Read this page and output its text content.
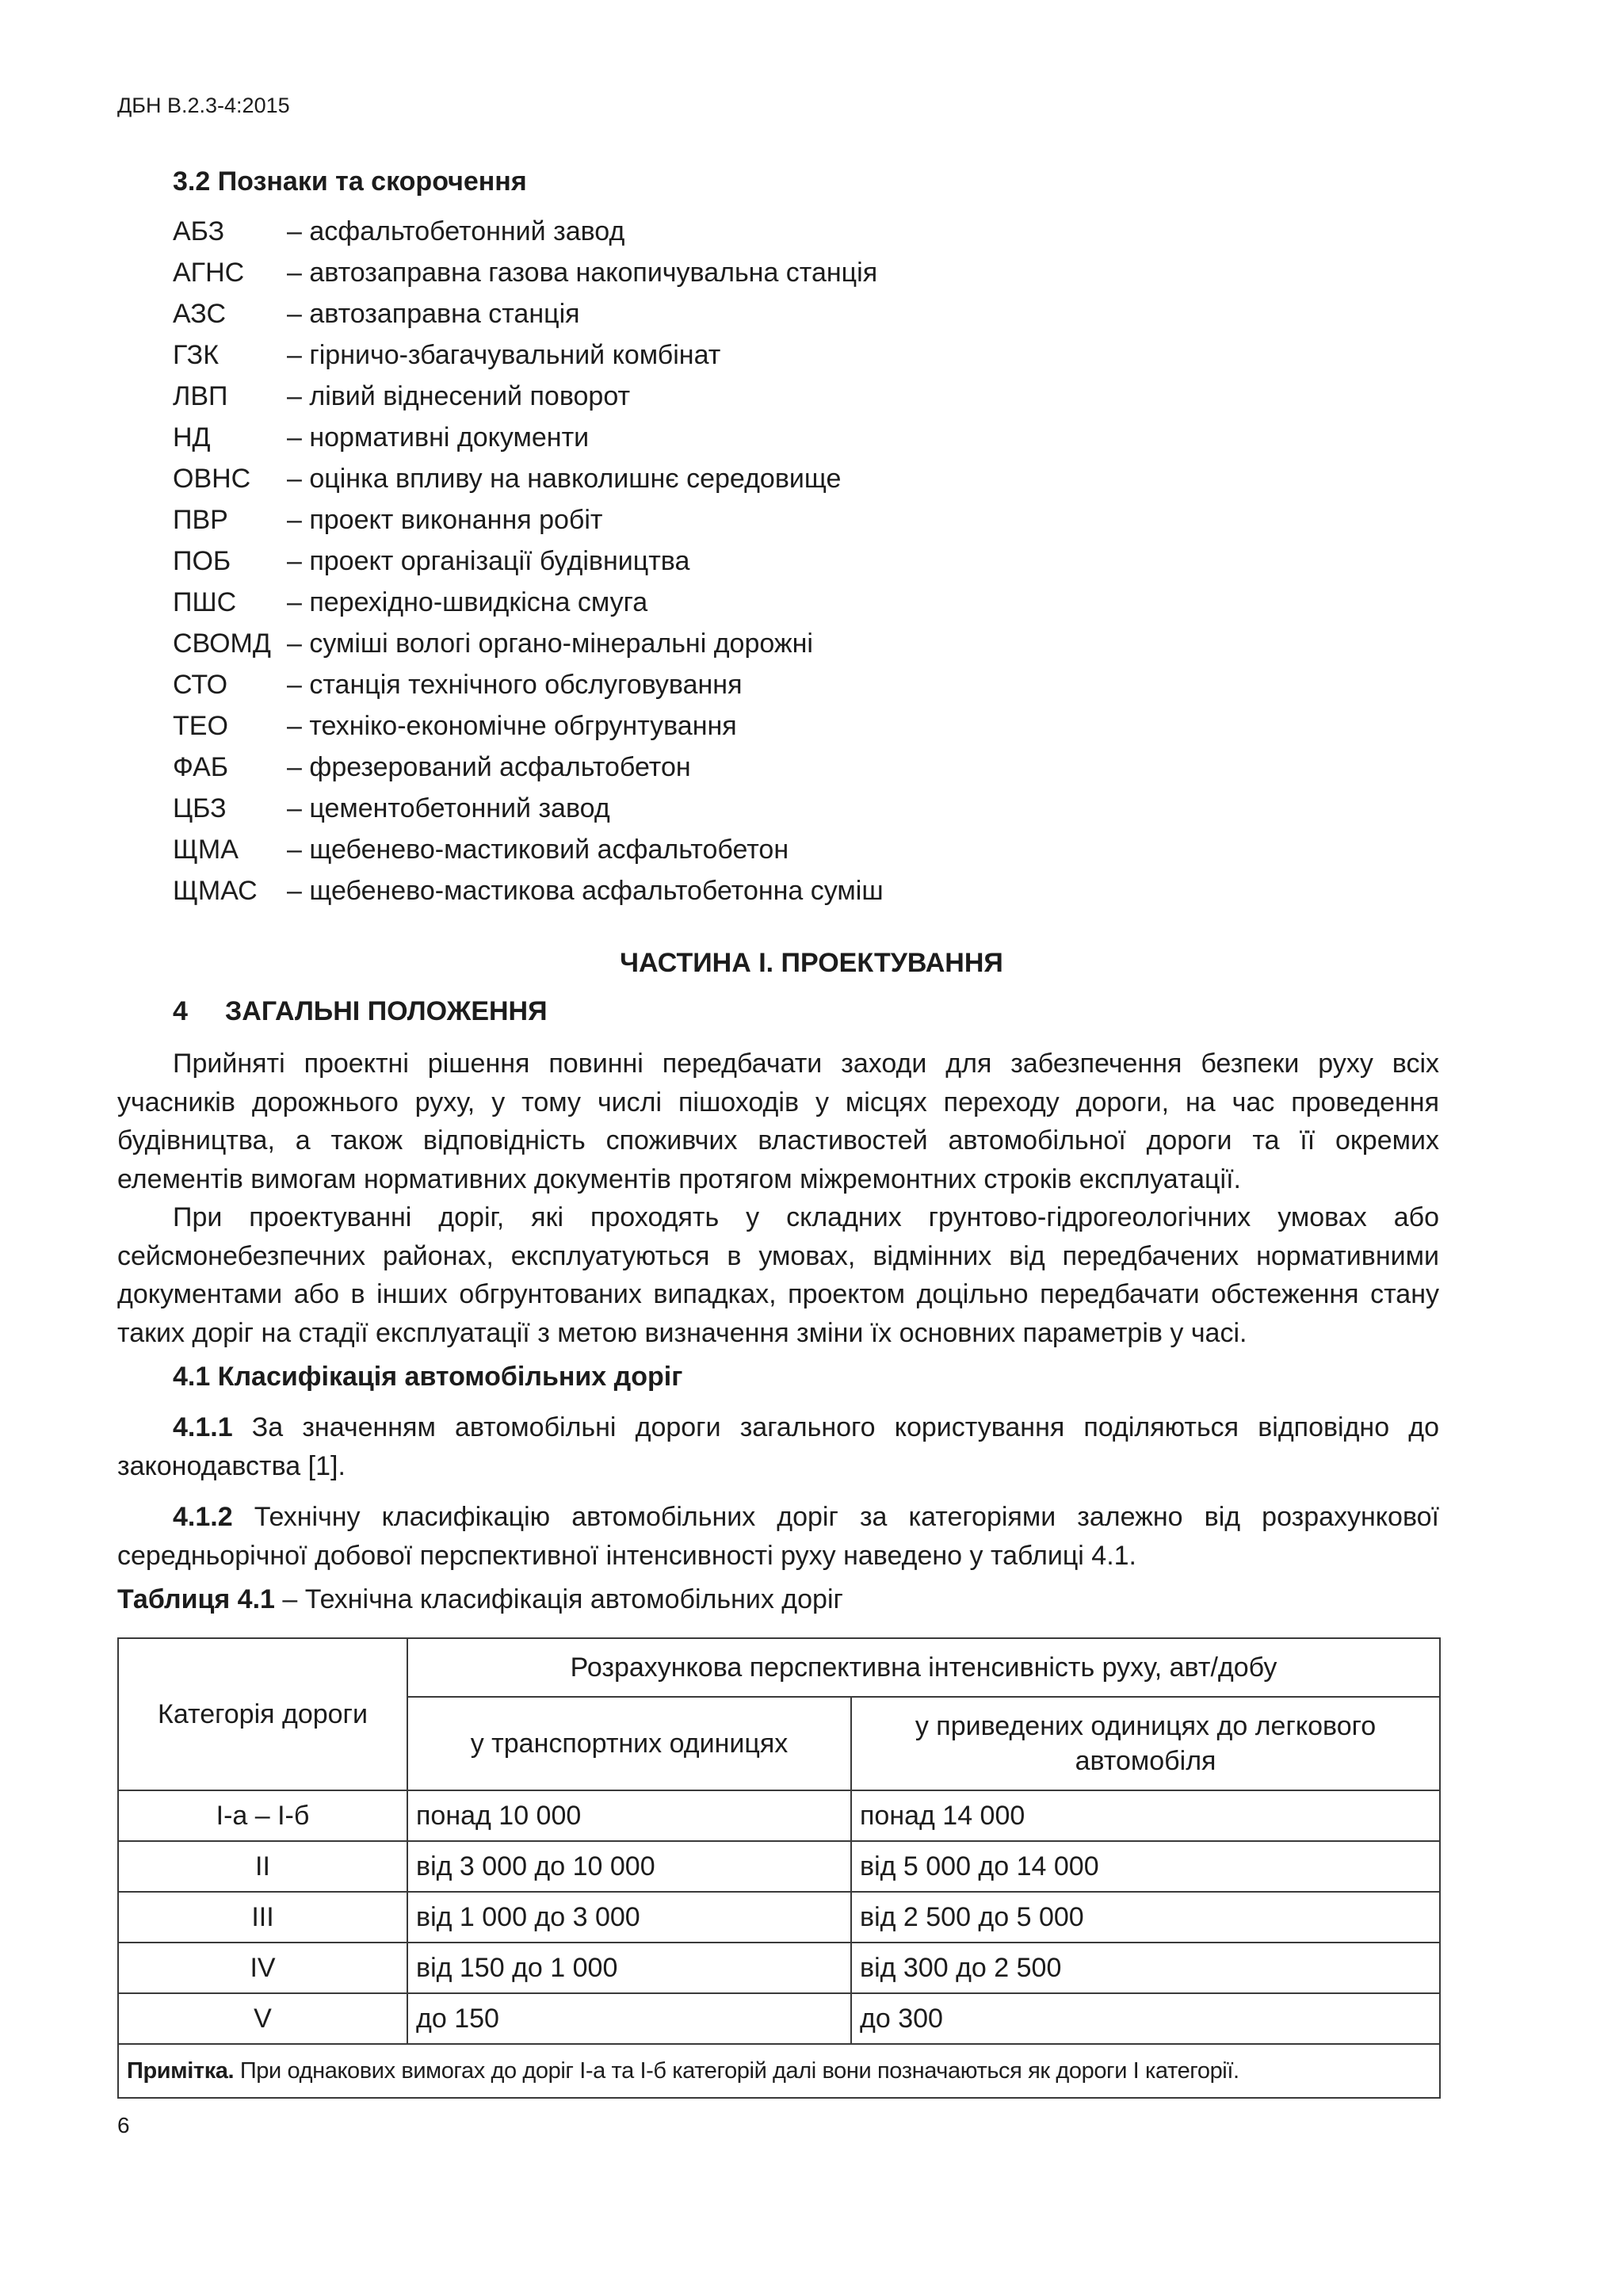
ДБН В.2.3-4:2015
3.2 Познаки та скорочення
АБЗ – асфальтобетонний завод
АГНС – автозаправна газова накопичувальна станція
АЗС – автозаправна станція
ГЗК	– гірничо-збагачувальний комбінат
ЛВП – лівий віднесений поворот
НД	– нормативні документи
ОВНС – оцінка впливу на навколишнє середовище
ПВР – проект виконання робіт
ПОБ – проект організації будівництва
ПШС – перехідно-швидкісна смуга
СВОМД – суміші вологі органо-мінеральні дорожні
СТО – станція технічного обслуговування
ТЕО – техніко-економічне обгрунтування
ФАБ – фрезерований асфальтобетон
ЦБЗ – цементобетонний завод
ЩМА – щебенево-мастиковий асфальтобетон
ЩМАС – щебенево-мастикова асфальтобетонна суміш
ЧАСТИНА І. ПРОЕКТУВАННЯ
4 ЗАГАЛЬНІ ПОЛОЖЕННЯ

Прийняті проектні рішення повинні передбачати заходи для забезпечення безпеки руху всіх учасників дорожнього руху, у тому числі пішоходів у місцях переходу дороги, на час проведення будівництва, а також відповідність споживчих властивостей автомобільної дороги та її окремих елементів вимогам нормативних документів протягом міжремонтних строків експлуатації.

При проектуванні доріг, які проходять у складних грунтово-гідрогеологічних умовах або сейсмонебезпечних районах, експлуатуються в умовах, відмінних від передбачених нормативними документами або в інших обгрунтованих випадках, проектом доцільно передбачати обстеження стану таких доріг на стадії експлуатації з метою визначення зміни їх основних параметрів у часі.

4.1 Класифікація автомобільних доріг

4.1.1 За значенням автомобільні дороги загального користування поділяються відповідно до законодавства [1].

4.1.2 Технічну класифікацію автомобільних доріг за категоріями залежно від розрахункової середньорічної добової перспективної інтенсивності руху наведено у таблиці 4.1.

Таблиця 4.1 – Технічна класифікація автомобільних доріг
Категорія дороги	Розрахункова перспективна інтенсивність руху, авт/добу	
	у транспортних одиницях	у приведених одиницях до легкового автомобіля
І-а – І-б	понад 10 000	понад 14 000
ІІ	від 3 000 до 10 000	від 5 000 до 14 000
ІІІ	від 1 000 до 3 000	від 2 500 до 5 000
IV	від 150 до 1 000	від 300 до 2 500
V	до 150	до 300
Примітка. При однакових вимогах до доріг І-а та І-б категорій далі вони позначаються як дороги І категорії.		
6
